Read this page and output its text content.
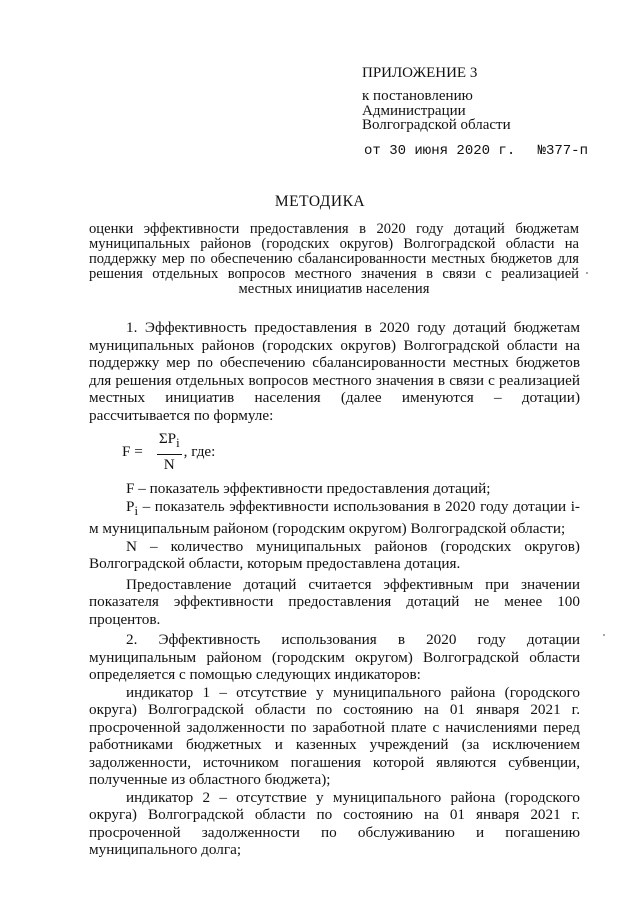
ПРИЛОЖЕНИЕ 3
к постановлению
Администрации
Волгоградской области
от 30 июня 2020 г. №377-п
МЕТОДИКА
оценки эффективности предоставления в 2020 году дотаций бюджетам муниципальных районов (городских округов) Волгоградской области на поддержку мер по обеспечению сбалансированности местных бюджетов для решения отдельных вопросов местного значения в связи с реализацией местных инициатив населения

1. Эффективность предоставления в 2020 году дотаций бюджетам муниципальных районов (городских округов) Волгоградской области на поддержку мер по обеспечению сбалансированности местных бюджетов для решения отдельных вопросов местного значения в связи с реализацией местных инициатив населения (далее именуются – дотации) рассчитывается по формуле:

$F = \frac{\Sigma P_i}{N}$ , где:

F – показатель эффективности предоставления дотаций;

$P_i$ – показатель эффективности использования в 2020 году дотации i-м муниципальным районом (городским округом) Волгоградской области;

N – количество муниципальных районов (городских округов) Волгоградской области, которым предоставлена дотация.

Предоставление дотаций считается эффективным при значении показателя эффективности предоставления дотаций не менее 100 процентов.

2. Эффективность использования в 2020 году дотации муниципальным районом (городским округом) Волгоградской области определяется с помощью следующих индикаторов:

индикатор 1 – отсутствие у муниципального района (городского округа) Волгоградской области по состоянию на 01 января 2021 г. просроченной задолженности по заработной плате с начислениями перед работниками бюджетных и казенных учреждений (за исключением задолженности, источником погашения которой являются субвенции, полученные из областного бюджета);

индикатор 2 – отсутствие у муниципального района (городского округа) Волгоградской области по состоянию на 01 января 2021 г. просроченной задолженности по обслуживанию и погашению муниципального долга;
